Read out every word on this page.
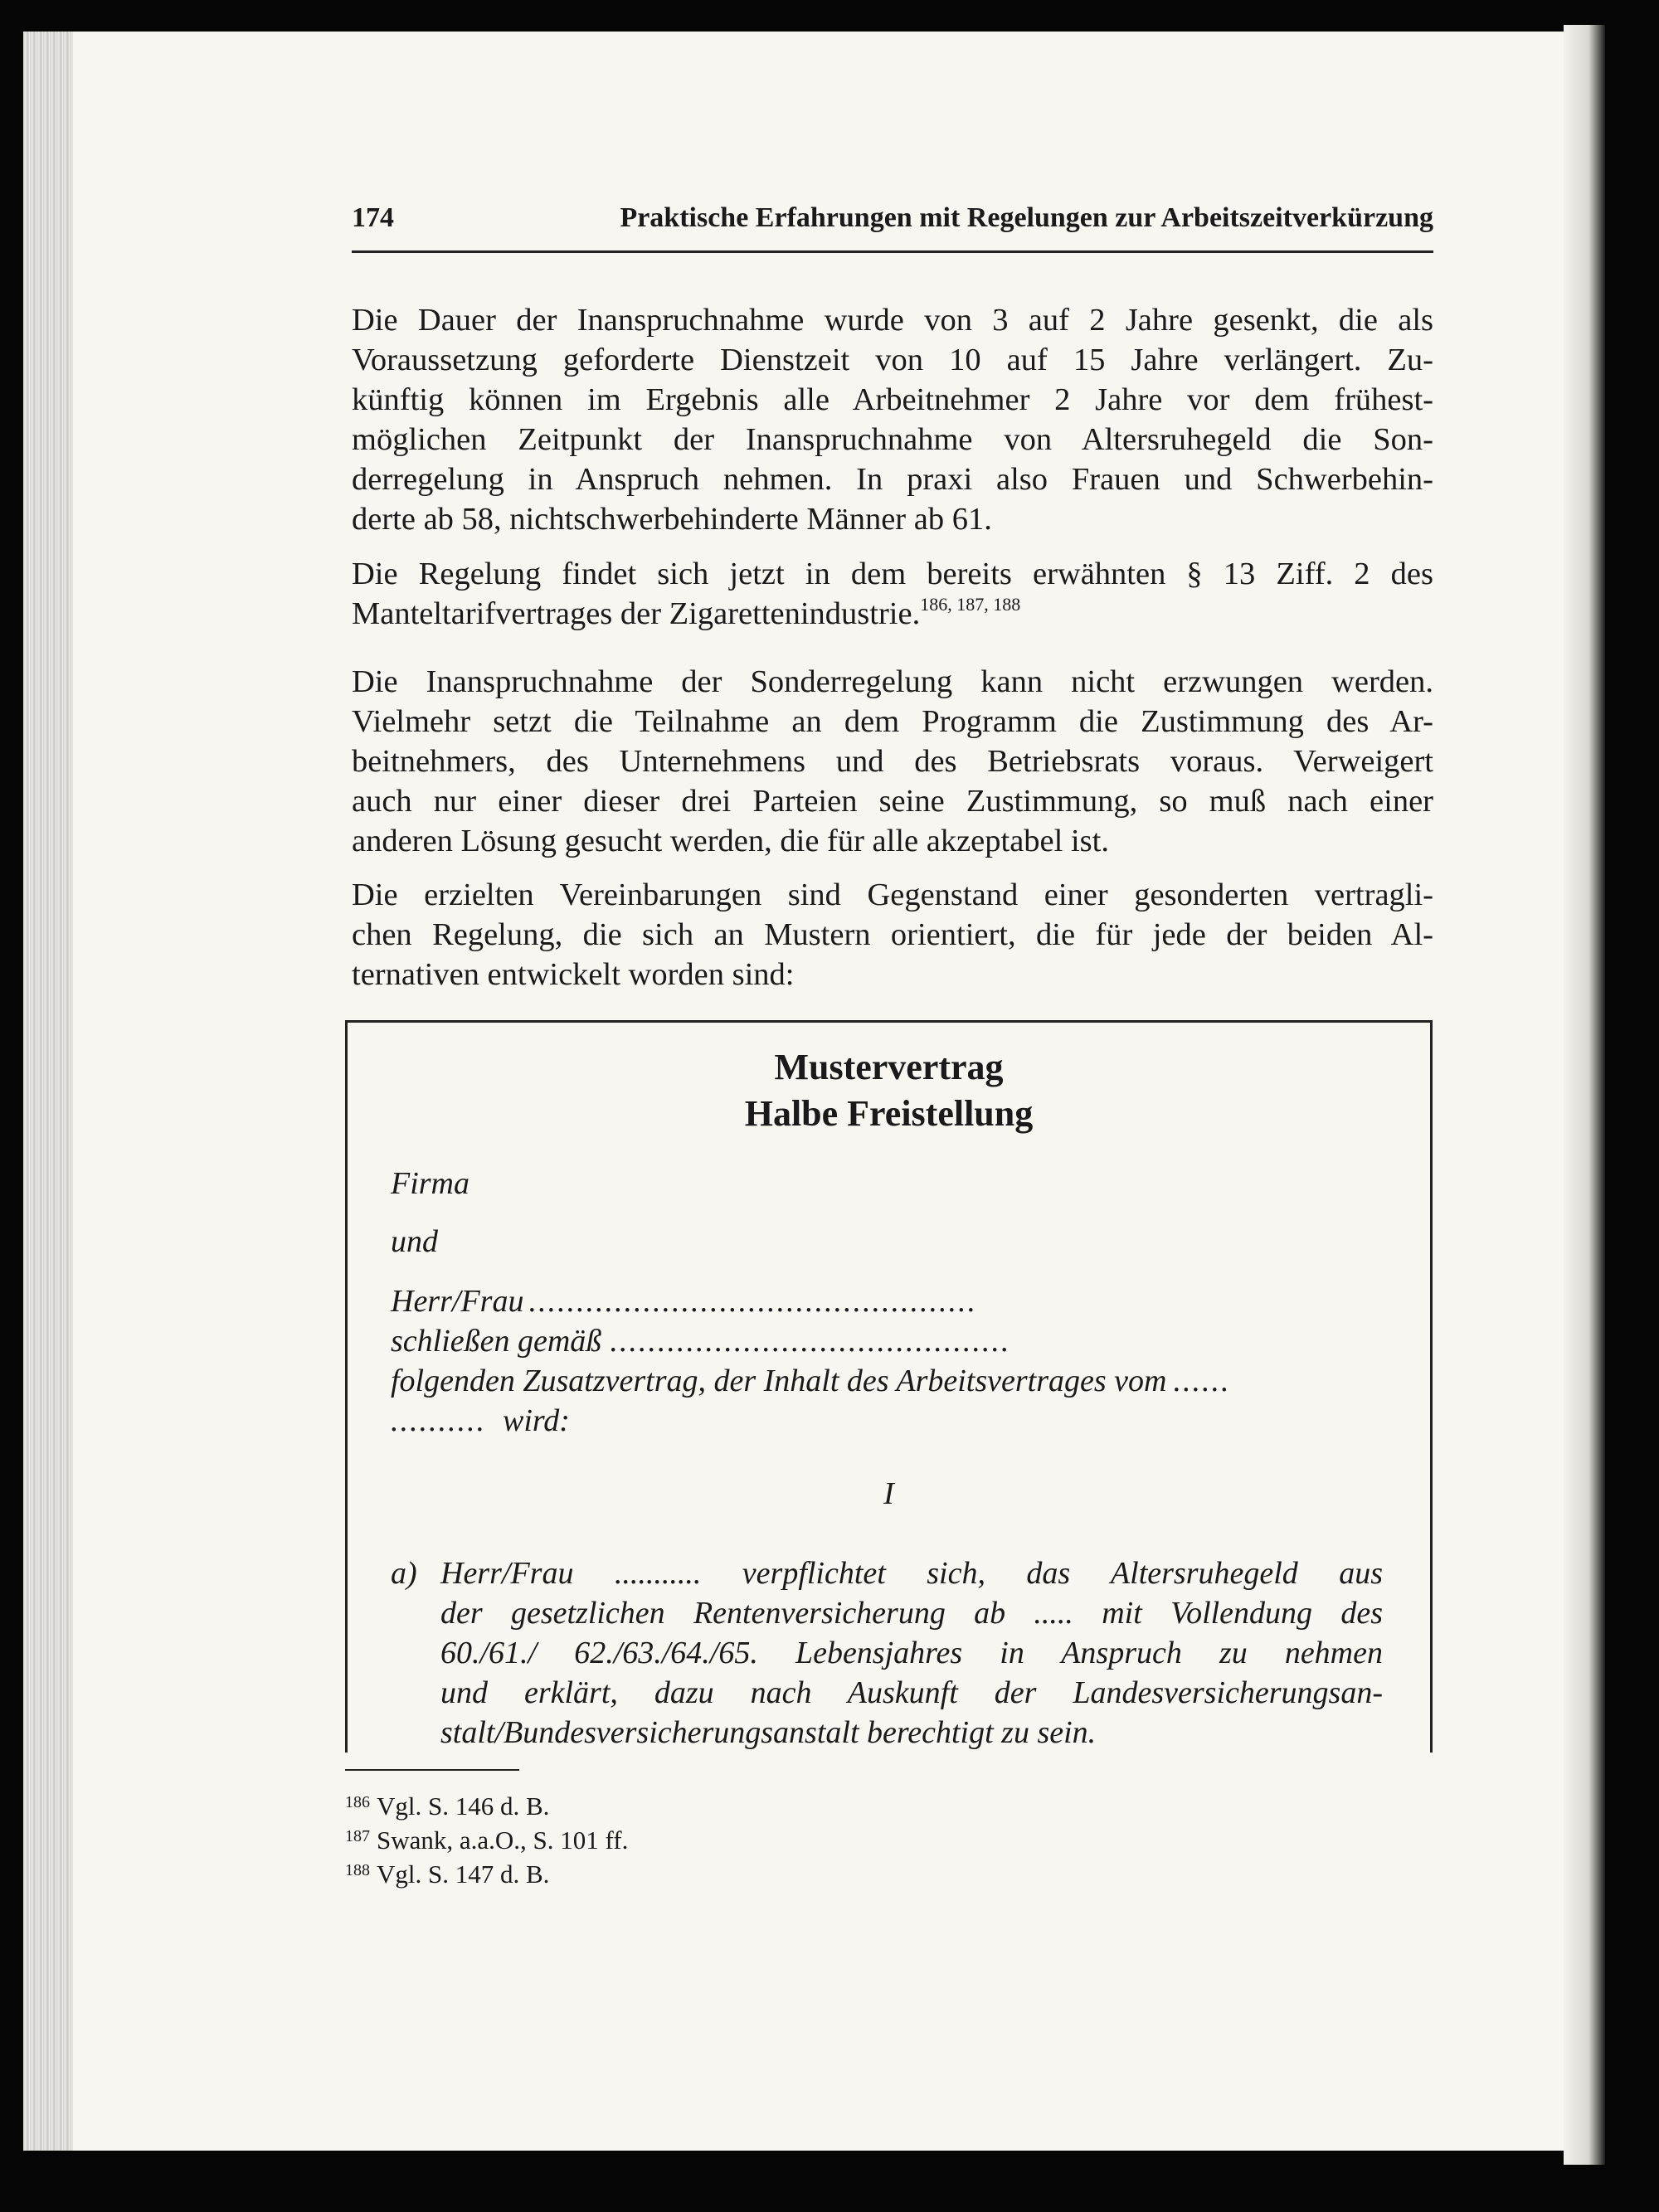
174	Praktische Erfahrungen mit Regelungen zur Arbeitszeitverkürzung

Die Dauer der Inanspruchnahme wurde von 3 auf 2 Jahre gesenkt, die als
Voraussetzung geforderte Dienstzeit von 10 auf 15 Jahre verlängert. Zu-
künftig können im Ergebnis alle Arbeitnehmer 2 Jahre vor dem frühest-
möglichen Zeitpunkt der Inanspruchnahme von Altersruhegeld die Son-
derregelung in Anspruch nehmen. In praxi also Frauen und Schwerbehin-
derte ab 58, nichtschwerbehinderte Männer ab 61.

Die Regelung findet sich jetzt in dem bereits erwähnten § 13 Ziff. 2 des
Manteltarifvertrages der Zigarettenindustrie.$^{186, 187, 188}$

Die Inanspruchnahme der Sonderregelung kann nicht erzwungen werden.
Vielmehr setzt die Teilnahme an dem Programm die Zustimmung des Ar-
beitnehmers, des Unternehmens und des Betriebsrats voraus. Verweigert
auch nur einer dieser drei Parteien seine Zustimmung, so muß nach einer
anderen Lösung gesucht werden, die für alle akzeptabel ist.

Die erzielten Vereinbarungen sind Gegenstand einer gesonderten vertragli-
chen Regelung, die sich an Mustern orientiert, die für jede der beiden Al-
ternativen entwickelt worden sind:

Mustervertrag
Halbe Freistellung
Firma
und
Herr/Frau ...............................................
schließen gemäß ..........................................
folgenden Zusatzvertrag, der Inhalt des Arbeitsvertrages vom ......
.......... wird:
I
a) Herr/Frau ........... verpflichtet sich, das Altersruhegeld aus
der gesetzlichen Rentenversicherung ab ..... mit Vollendung des
60./61./ 62./63./64./65. Lebensjahres in Anspruch zu nehmen
und erklärt, dazu nach Auskunft der Landesversicherungsan-
stalt/Bundesversicherungsanstalt berechtigt zu sein.
$^{186}$ Vgl. S. 146 d. B.
$^{187}$ Swank, a.a.O., S. 101 ff.
$^{188}$ Vgl. S. 147 d. B.
